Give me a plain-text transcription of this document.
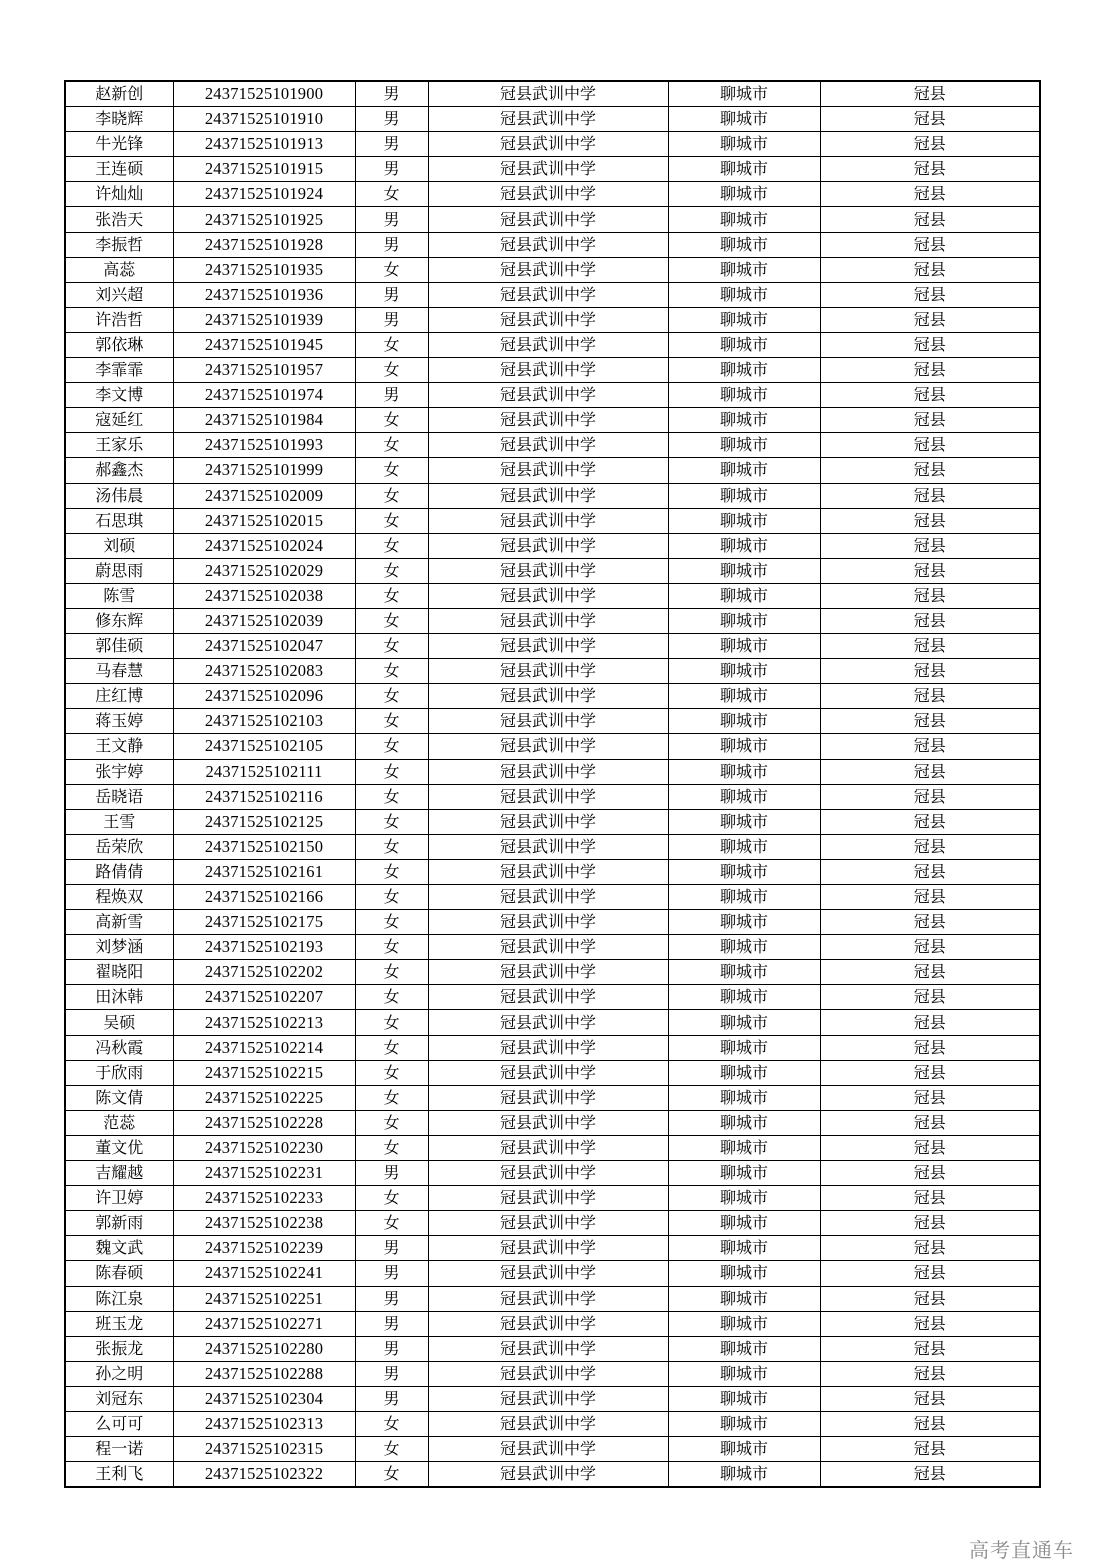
赵新创	24371525101900	男	冠县武训中学	聊城市	冠县
李晓辉	24371525101910	男	冠县武训中学	聊城市	冠县
牛光锋	24371525101913	男	冠县武训中学	聊城市	冠县
王连硕	24371525101915	男	冠县武训中学	聊城市	冠县
许灿灿	24371525101924	女	冠县武训中学	聊城市	冠县
张浩天	24371525101925	男	冠县武训中学	聊城市	冠县
李振哲	24371525101928	男	冠县武训中学	聊城市	冠县
高蕊	24371525101935	女	冠县武训中学	聊城市	冠县
刘兴超	24371525101936	男	冠县武训中学	聊城市	冠县
许浩哲	24371525101939	男	冠县武训中学	聊城市	冠县
郭依琳	24371525101945	女	冠县武训中学	聊城市	冠县
李霏霏	24371525101957	女	冠县武训中学	聊城市	冠县
李文博	24371525101974	男	冠县武训中学	聊城市	冠县
寇延红	24371525101984	女	冠县武训中学	聊城市	冠县
王家乐	24371525101993	女	冠县武训中学	聊城市	冠县
郝鑫杰	24371525101999	女	冠县武训中学	聊城市	冠县
汤伟晨	24371525102009	女	冠县武训中学	聊城市	冠县
石思琪	24371525102015	女	冠县武训中学	聊城市	冠县
刘硕	24371525102024	女	冠县武训中学	聊城市	冠县
蔚思雨	24371525102029	女	冠县武训中学	聊城市	冠县
陈雪	24371525102038	女	冠县武训中学	聊城市	冠县
修东辉	24371525102039	女	冠县武训中学	聊城市	冠县
郭佳硕	24371525102047	女	冠县武训中学	聊城市	冠县
马春慧	24371525102083	女	冠县武训中学	聊城市	冠县
庄红博	24371525102096	女	冠县武训中学	聊城市	冠县
蒋玉婷	24371525102103	女	冠县武训中学	聊城市	冠县
王文静	24371525102105	女	冠县武训中学	聊城市	冠县
张宇婷	24371525102111	女	冠县武训中学	聊城市	冠县
岳晓语	24371525102116	女	冠县武训中学	聊城市	冠县
王雪	24371525102125	女	冠县武训中学	聊城市	冠县
岳荣欣	24371525102150	女	冠县武训中学	聊城市	冠县
路倩倩	24371525102161	女	冠县武训中学	聊城市	冠县
程焕双	24371525102166	女	冠县武训中学	聊城市	冠县
高新雪	24371525102175	女	冠县武训中学	聊城市	冠县
刘梦涵	24371525102193	女	冠县武训中学	聊城市	冠县
翟晓阳	24371525102202	女	冠县武训中学	聊城市	冠县
田沐韩	24371525102207	女	冠县武训中学	聊城市	冠县
吴硕	24371525102213	女	冠县武训中学	聊城市	冠县
冯秋霞	24371525102214	女	冠县武训中学	聊城市	冠县
于欣雨	24371525102215	女	冠县武训中学	聊城市	冠县
陈文倩	24371525102225	女	冠县武训中学	聊城市	冠县
范蕊	24371525102228	女	冠县武训中学	聊城市	冠县
董文优	24371525102230	女	冠县武训中学	聊城市	冠县
吉耀越	24371525102231	男	冠县武训中学	聊城市	冠县
许卫婷	24371525102233	女	冠县武训中学	聊城市	冠县
郭新雨	24371525102238	女	冠县武训中学	聊城市	冠县
魏文武	24371525102239	男	冠县武训中学	聊城市	冠县
陈春硕	24371525102241	男	冠县武训中学	聊城市	冠县
陈江泉	24371525102251	男	冠县武训中学	聊城市	冠县
班玉龙	24371525102271	男	冠县武训中学	聊城市	冠县
张振龙	24371525102280	男	冠县武训中学	聊城市	冠县
孙之明	24371525102288	男	冠县武训中学	聊城市	冠县
刘冠东	24371525102304	男	冠县武训中学	聊城市	冠县
么可可	24371525102313	女	冠县武训中学	聊城市	冠县
程一诺	24371525102315	女	冠县武训中学	聊城市	冠县
王利飞	24371525102322	女	冠县武训中学	聊城市	冠县
高考直通车
